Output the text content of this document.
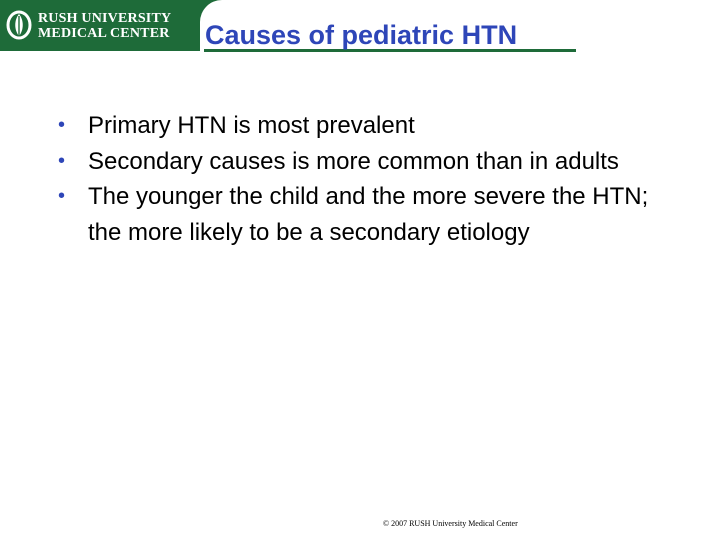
RUSH UNIVERSITY
MEDICAL CENTER Causes of pediatric HTN
• Primary HTN is most prevalent
• Secondary causes is more common than in adults
• The younger the child and the more severe the HTN; the more likely to be a secondary etiology
© 2007 RUSH University Medical Center
